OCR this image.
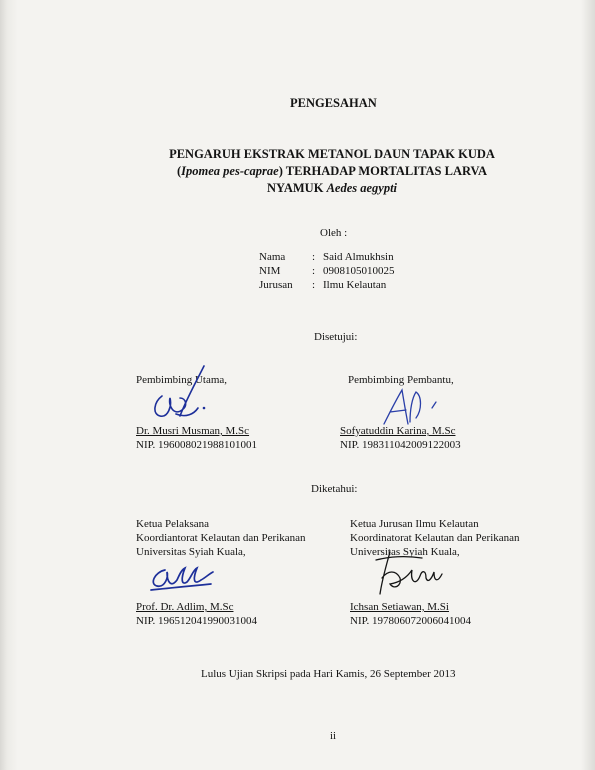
PENGESAHAN
PENGARUH EKSTRAK METANOL DAUN TAPAK KUDA
(Ipomea pes-caprae) TERHADAP MORTALITAS LARVA
NYAMUK Aedes aegypti
Oleh :
Nama	: Said Almukhsin
NIM	: 0908105010025
Jurusan	: Ilmu Kelautan
Disetujui:
Pembimbing Utama,
Dr. Musri Musman, M.Sc
NIP. 196008021988101001
Pembimbing Pembantu,
Sofyatuddin Karina, M.Sc
NIP. 198311042009122003
Diketahui:
Ketua Pelaksana
Koordiantorat Kelautan dan Perikanan
Universitas Syiah Kuala,
Prof. Dr. Adlim, M.Sc
NIP. 196512041990031004
Ketua Jurusan Ilmu Kelautan
Koordinatorat Kelautan dan Perikanan
Universitas Syiah Kuala,
Ichsan Setiawan, M.Si
NIP. 197806072006041004
Lulus Ujian Skripsi pada Hari Kamis, 26 September 2013
ii
